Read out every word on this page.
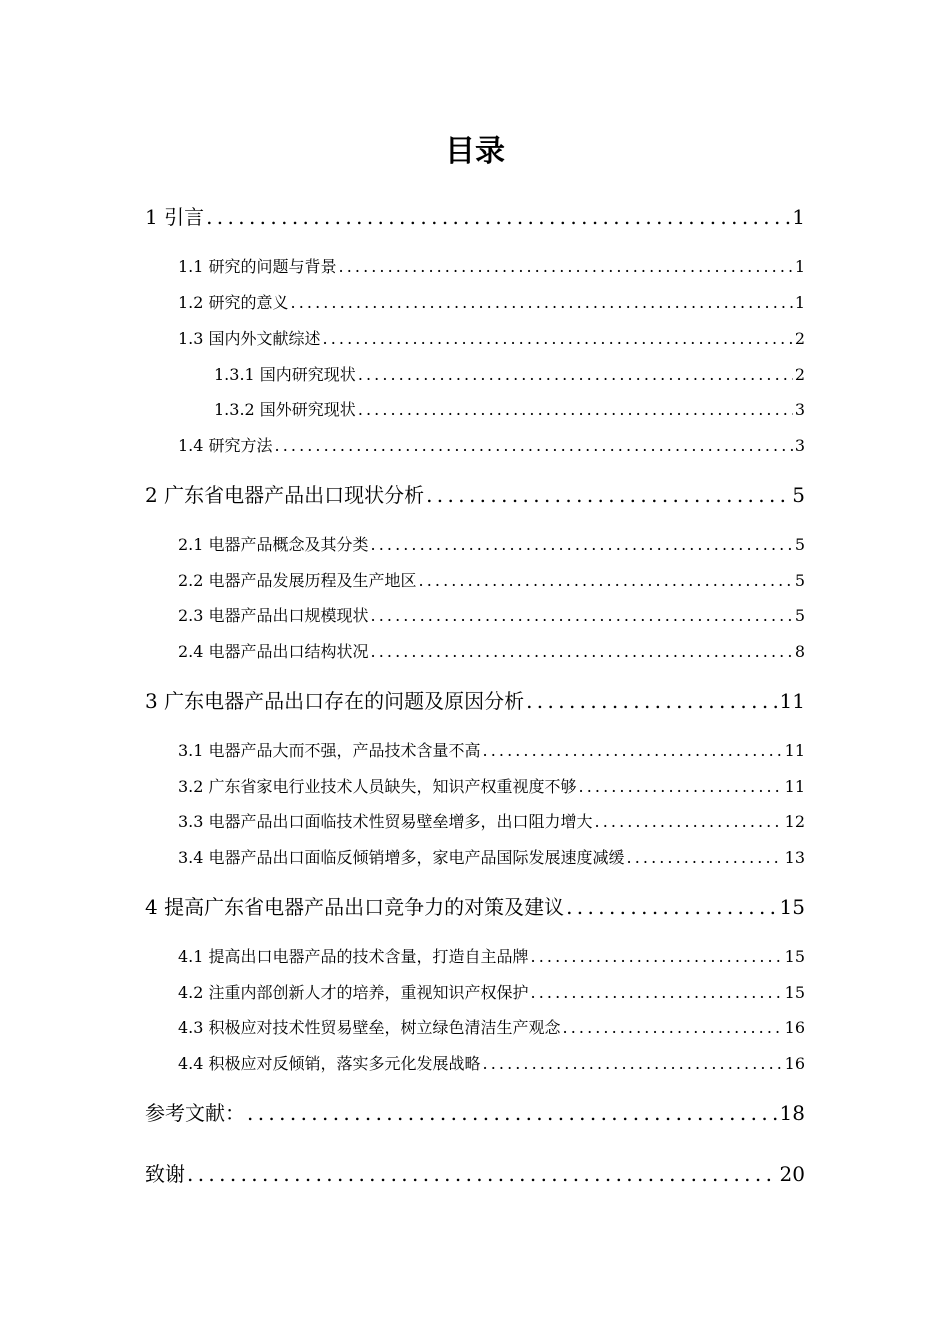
目录
1 引言 . . .	1
1.1 研究的问题与背景 . . .	1
1.2 研究的意义 . . .	1
1.3 国内外文献综述 . . .	2
1.3.1 国内研究现状 . . .	2
1.3.2 国外研究现状 . . .	3
1.4 研究方法 . . .	3
2 广东省电器产品出口现状分析 . . .	5
2.1 电器产品概念及其分类 . . .	5
2.2 电器产品发展历程及生产地区 . . .	5
2.3 电器产品出口规模现状 . . .	5
2.4 电器产品出口结构状况 . . .	8
3 广东电器产品出口存在的问题及原因分析 . . .	11
3.1 电器产品大而不强，产品技术含量不高 . . .	11
3.2 广东省家电行业技术人员缺失，知识产权重视度不够 . . .	11
3.3 电器产品出口面临技术性贸易壁垒增多，出口阻力增大 . . .	12
3.4 电器产品出口面临反倾销增多，家电产品国际发展速度减缓 . . .	13
4 提高广东省电器产品出口竞争力的对策及建议 . . .	15
4.1 提高出口电器产品的技术含量，打造自主品牌 . . .	15
4.2 注重内部创新人才的培养，重视知识产权保护 . . .	15
4.3 积极应对技术性贸易壁垒，树立绿色清洁生产观念 . . .	16
4.4 积极应对反倾销，落实多元化发展战略 . . .	16
参考文献： . . .	18
致谢 . . .	20
